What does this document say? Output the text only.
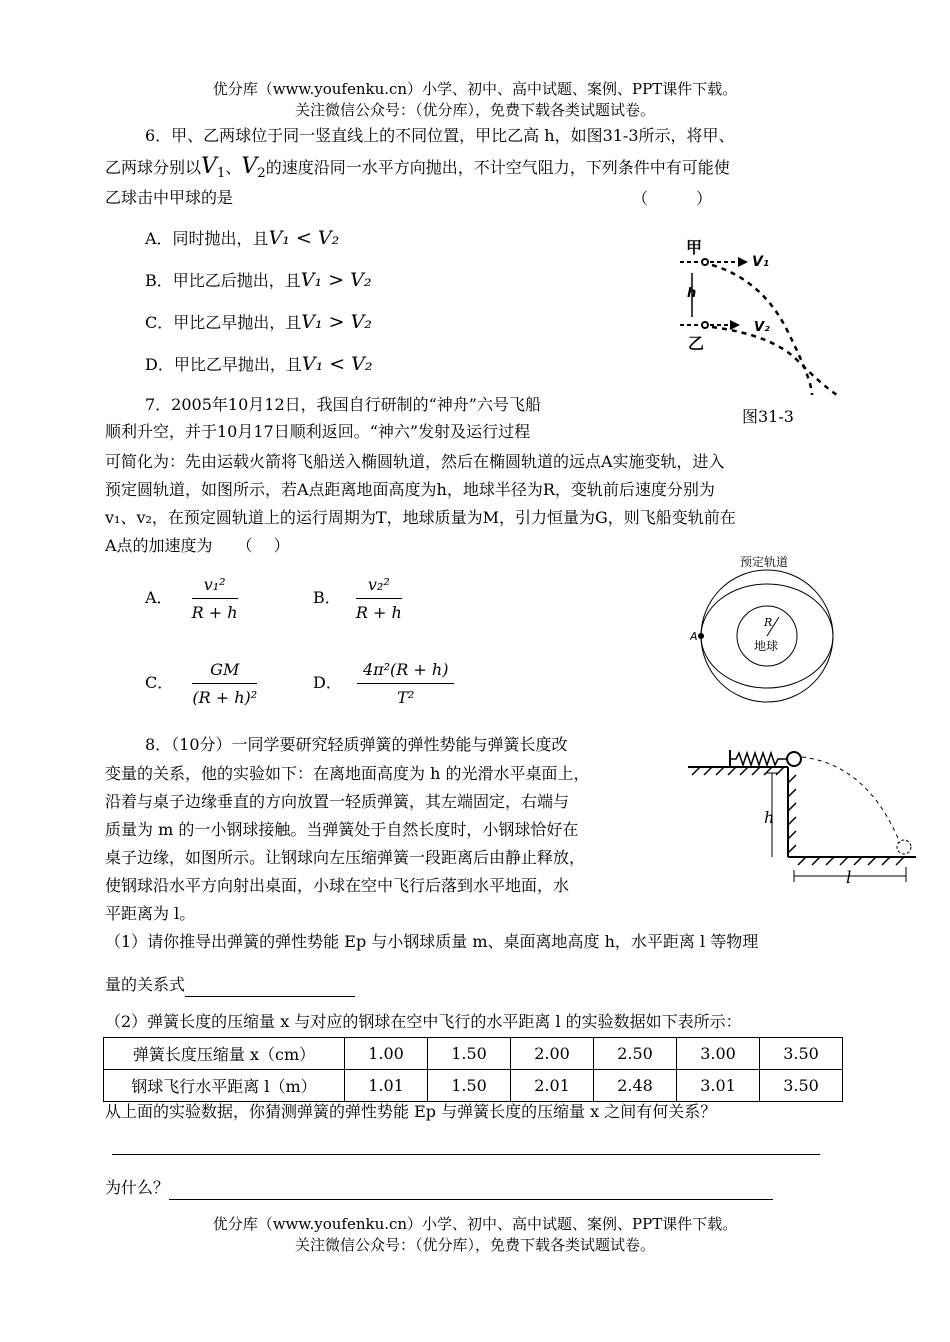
优分库（www.youfenku.cn）小学、初中、高中试题、案例、PPT课件下载。
关注微信公众号：（优分库），免费下载各类试题试卷。
6．甲、乙两球位于同一竖直线上的不同位置，甲比乙高 h，如图31-3所示，将甲、
乙两球分别以$V_1$、$V_2$的速度沿同一水平方向抛出，不计空气阻力，下列条件中有可能使
乙球击中甲球的是	（　　　）
A．同时抛出，且V₁ < V₂
B．甲比乙后抛出，且V₁ > V₂
C．甲比乙早抛出，且V₁ > V₂
D．甲比乙早抛出，且V₁ < V₂
甲
V₁
h
V₂
乙
图31-3
7．2005年10月12日，我国自行研制的“神舟”六号飞船
顺利升空，并于10月17日顺利返回。“神六”发射及运行过程
可简化为：先由运载火箭将飞船送入椭圆轨道，然后在椭圆轨道的远点A实施变轨，进入
预定圆轨道，如图所示，若A点距离地面高度为h，地球半径为R，变轨前后速度分别为
v₁、v₂，在预定圆轨道上的运行周期为T，地球质量为M，引力恒量为G，则飞船变轨前在
A点的加速度为　　（　 ）
A． $\frac{\text{v₁²}}{R + h}$	B． $\frac{\text{v₂²}}{R + h}$
C． $\frac{GM}{\text{(R + h)²}}$	D． $\frac{\text{4π²(R + h)}}{\text{T²}}$
预定轨道
R
地球
A
8．（10分）一同学要研究轻质弹簧的弹性势能与弹簧长度改
变量的关系，他的实验如下：在离地面高度为 h 的光滑水平桌面上，
沿着与桌子边缘垂直的方向放置一轻质弹簧，其左端固定，右端与
质量为 m 的一小钢球接触。当弹簧处于自然长度时，小钢球恰好在
桌子边缘，如图所示。让钢球向左压缩弹簧一段距离后由静止释放，
使钢球沿水平方向射出桌面，小球在空中飞行后落到水平地面，水
平距离为 l。
h
l
（1）请你推导出弹簧的弹性势能 Ep 与小钢球质量 m、桌面离地高度 h，水平距离 l 等物理
量的关系式
（2）弹簧长度的压缩量 x 与对应的钢球在空中飞行的水平距离 l 的实验数据如下表所示：
弹簧长度压缩量 x（cm）	1.00	1.50	2.00	2.50	3.00	3.50
钢球飞行水平距离 l（m）	1.01	1.50	2.01	2.48	3.01	3.50
从上面的实验数据，你猜测弹簧的弹性势能 Ep 与弹簧长度的压缩量 x 之间有何关系？
为什么？
优分库（www.youfenku.cn）小学、初中、高中试题、案例、PPT课件下载。
关注微信公众号：（优分库），免费下载各类试题试卷。
